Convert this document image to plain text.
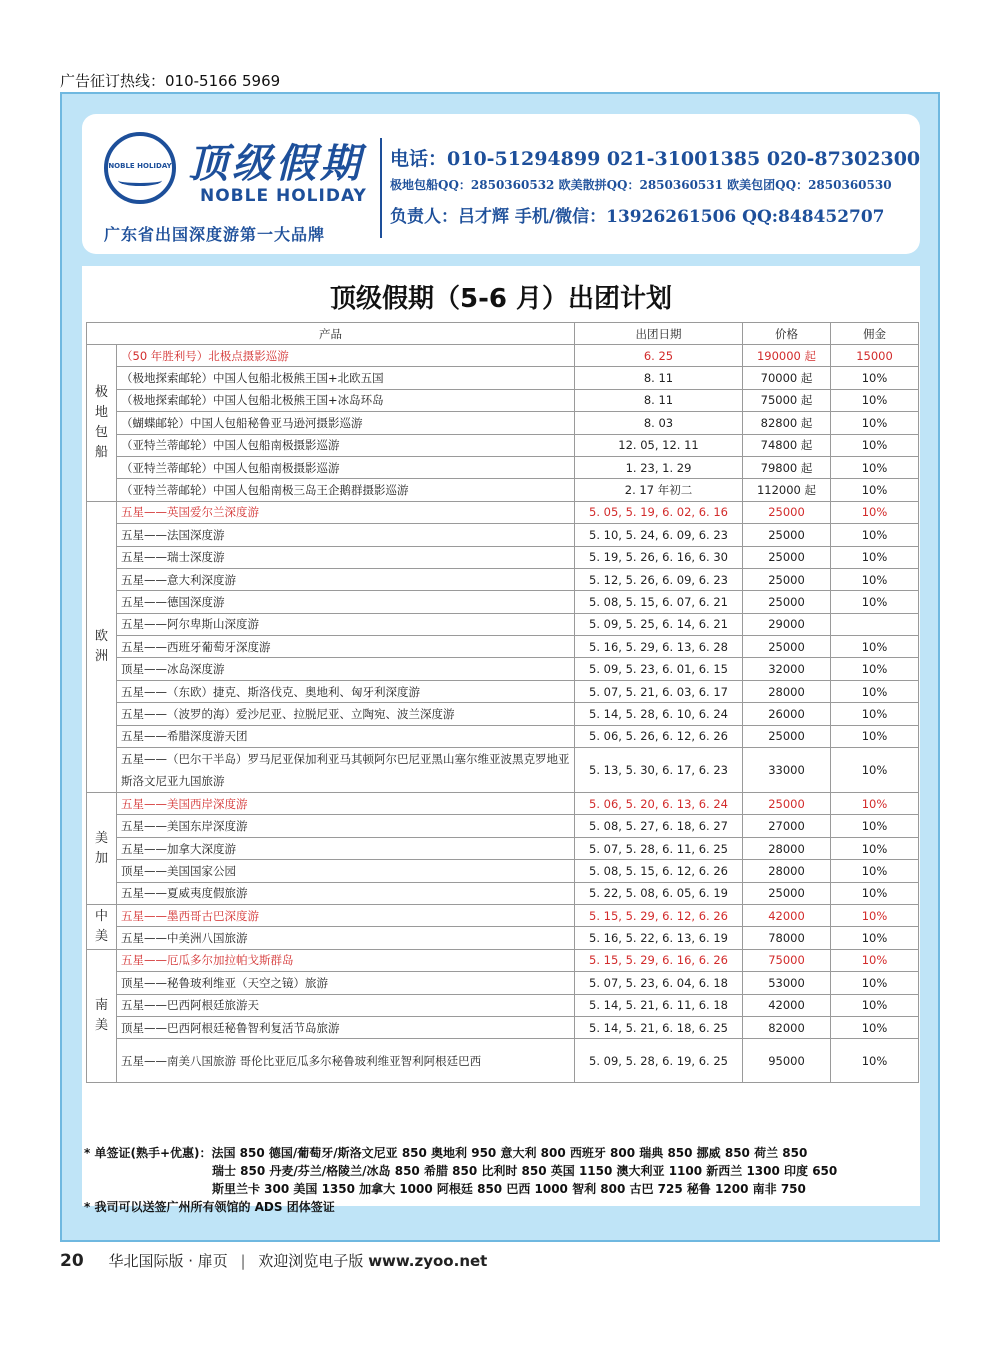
广告征订热线：010-5166 5969
NOBLE HOLIDAY 顶级假期
NOBLE HOLIDAY
广东省出国深度游第一大品牌
电话：010-51294899 021-31001385 020-87302300
极地包船QQ：2850360532 欧美散拼QQ：2850360531 欧美包团QQ：2850360530
负责人：吕才辉 手机/微信：13926261506 QQ:848452707
顶级假期（5-6 月）出团计划
产品		出团日期	价格	佣金
极地包船	（50 年胜利号）北极点摄影巡游	6. 25	190000 起	15000
	（极地探索邮轮）中国人包船北极熊王国+北欧五国	8. 11	70000 起	10%
	（极地探索邮轮）中国人包船北极熊王国+冰岛环岛	8. 11	75000 起	10%
	（蝴蝶邮轮）中国人包船秘鲁亚马逊河摄影巡游	8. 03	82800 起	10%
	（亚特兰蒂邮轮）中国人包船南极摄影巡游	12. 05, 12. 11	74800 起	10%
	（亚特兰蒂邮轮）中国人包船南极摄影巡游	1. 23, 1. 29	79800 起	10%
	（亚特兰蒂邮轮）中国人包船南极三岛王企鹅群摄影巡游	2. 17 年初二	112000 起	10%
欧洲	五星——英国爱尔兰深度游	5. 05, 5. 19, 6. 02, 6. 16	25000	10%
	五星——法国深度游	5. 10, 5. 24, 6. 09, 6. 23	25000	10%
	五星——瑞士深度游	5. 19, 5. 26, 6. 16, 6. 30	25000	10%
	五星——意大利深度游	5. 12, 5. 26, 6. 09, 6. 23	25000	10%
	五星——德国深度游	5. 08, 5. 15, 6. 07, 6. 21	25000	10%
	五星——阿尔卑斯山深度游	5. 09, 5. 25, 6. 14, 6. 21	29000	
	五星——西班牙葡萄牙深度游	5. 16, 5. 29, 6. 13, 6. 28	25000	10%
	顶星——冰岛深度游	5. 09, 5. 23, 6. 01, 6. 15	32000	10%
	五星——（东欧）捷克、斯洛伐克、奥地利、匈牙利深度游	5. 07, 5. 21, 6. 03, 6. 17	28000	10%
	五星——（波罗的海）爱沙尼亚、拉脱尼亚、立陶宛、波兰深度游	5. 14, 5. 28, 6. 10, 6. 24	26000	10%
	五星——希腊深度游天团	5. 06, 5. 26, 6. 12, 6. 26	25000	10%
	五星——（巴尔干半岛）罗马尼亚保加利亚马其顿阿尔巴尼亚黑山塞尔维亚波黑克罗地亚斯洛文尼亚九国旅游	5. 13, 5. 30, 6. 17, 6. 23	33000	10%
美加	五星——美国西岸深度游	5. 06, 5. 20, 6. 13, 6. 24	25000	10%
	五星——美国东岸深度游	5. 08, 5. 27, 6. 18, 6. 27	27000	10%
	五星——加拿大深度游	5. 07, 5. 28, 6. 11, 6. 25	28000	10%
	顶星——美国国家公园	5. 08, 5. 15, 6. 12, 6. 26	28000	10%
	五星——夏威夷度假旅游	5. 22, 5. 08, 6. 05, 6. 19	25000	10%
中美	五星——墨西哥古巴深度游	5. 15, 5. 29, 6. 12, 6. 26	42000	10%
	五星——中美洲八国旅游	5. 16, 5. 22, 6. 13, 6. 19	78000	10%
南美	五星——厄瓜多尔加拉帕戈斯群岛	5. 15, 5. 29, 6. 16, 6. 26	75000	10%
	顶星——秘鲁玻利维亚（天空之镜）旅游	5. 07, 5. 23, 6. 04, 6. 18	53000	10%
	五星——巴西阿根廷旅游天	5. 14, 5. 21, 6. 11, 6. 18	42000	10%
	顶星——巴西阿根廷秘鲁智利复活节岛旅游	5. 14, 5. 21, 6. 18, 6. 25	82000	10%
	五星——南美八国旅游 哥伦比亚厄瓜多尔秘鲁玻利维亚智利阿根廷巴西	5. 09, 5. 28, 6. 19, 6. 25	95000	10%
* 单签证(熟手+优惠)：法国 850 德国/葡萄牙/斯洛文尼亚 850 奥地利 950 意大利 800 西班牙 800 瑞典 850 挪威 850 荷兰 850
瑞士 850 丹麦/芬兰/格陵兰/冰岛 850 希腊 850 比利时 850 英国 1150 澳大利亚 1100 新西兰 1300 印度 650
斯里兰卡 300 美国 1350 加拿大 1000 阿根廷 850 巴西 1000 智利 800 古巴 725 秘鲁 1200 南非 750
* 我司可以送签广州所有领馆的 ADS 团体签证
20 华北国际版 · 扉页 | 欢迎浏览电子版 www.zyoo.net
